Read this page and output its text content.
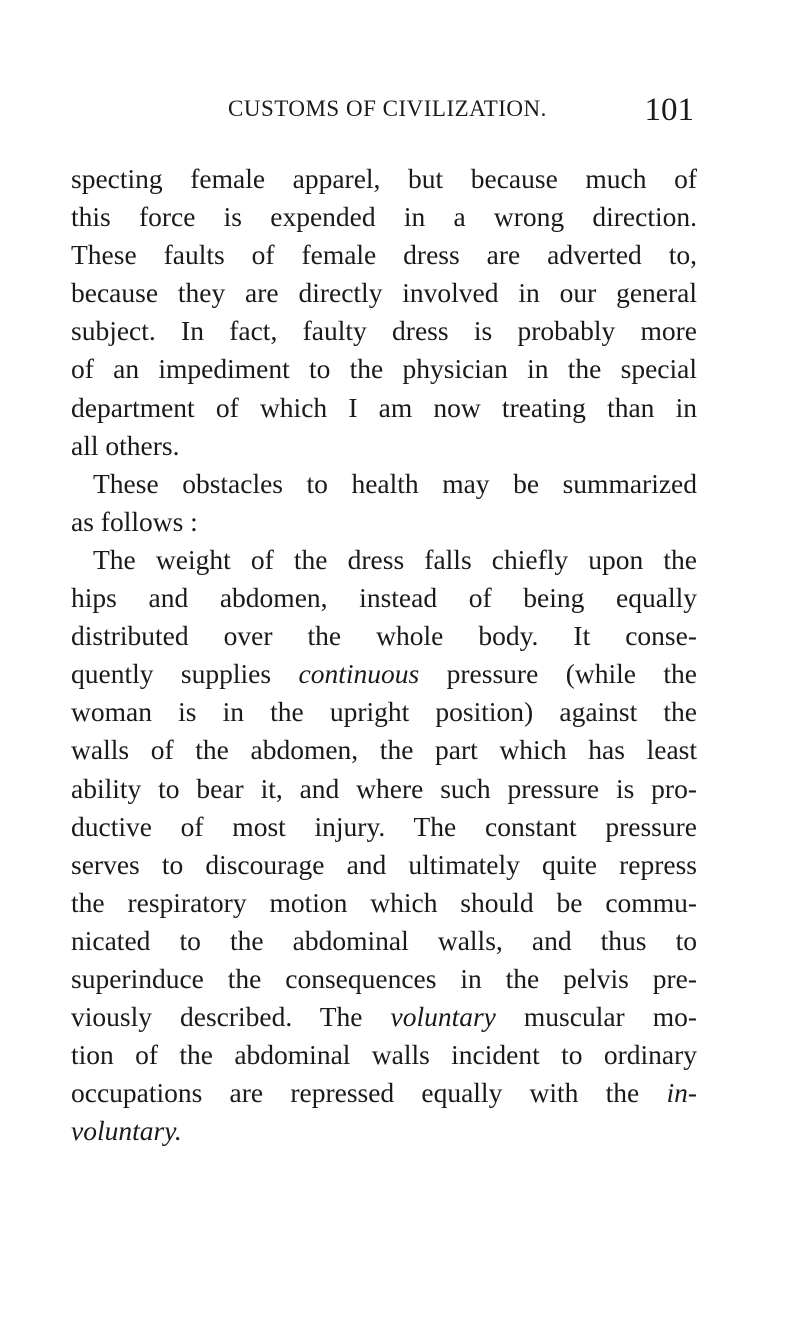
CUSTOMS OF CIVILIZATION.	101
specting female apparel, but because much of
this force is expended in a wrong direction.
These faults of female dress are adverted to,
because they are directly involved in our general
subject. In fact, faulty dress is probably more
of an impediment to the physician in the special
department of which I am now treating than in
all others.
These obstacles to health may be summarized
as follows :
The weight of the dress falls chiefly upon the
hips and abdomen, instead of being equally
distributed over the whole body. It conse-
quently supplies continuous pressure (while the
woman is in the upright position) against the
walls of the abdomen, the part which has least
ability to bear it, and where such pressure is pro-
ductive of most injury. The constant pressure
serves to discourage and ultimately quite repress
the respiratory motion which should be commu-
nicated to the abdominal walls, and thus to
superinduce the consequences in the pelvis pre-
viously described. The voluntary muscular mo-
tion of the abdominal walls incident to ordinary
occupations are repressed equally with the in-
voluntary.
